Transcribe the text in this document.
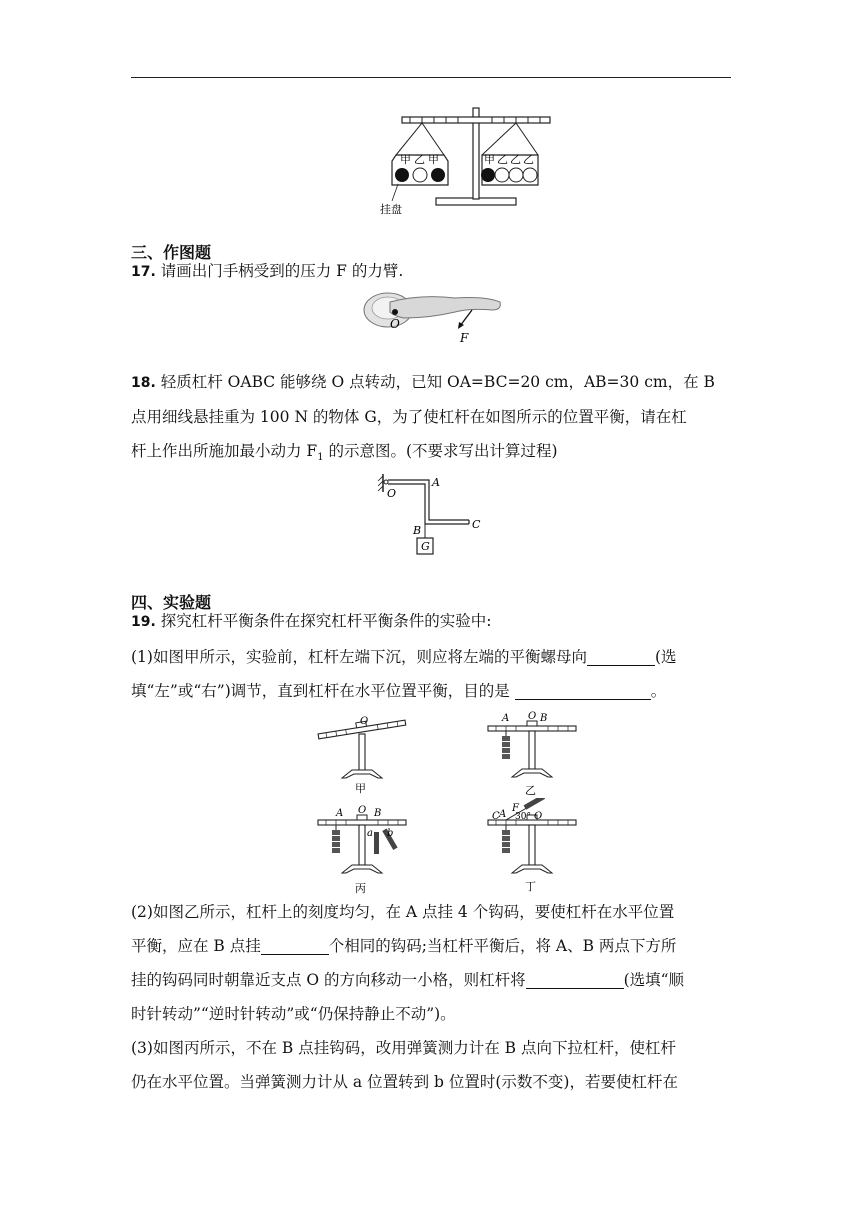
甲 乙 甲	甲 乙 乙 乙
挂盘
三、作图题
17. 请画出门手柄受到的压力 F 的力臂.
O
F
18. 轻质杠杆 OABC 能够绕 O 点转动，已知 OA=BC=20 cm，AB=30 cm，在 B
点用细线悬挂重为 100 N 的物体 G，为了使杠杆在如图所示的位置平衡，请在杠
杆上作出所施加最小动力 $F_1$ 的示意图。(不要求写出计算过程)
O
A
B	C
G
四、实验题
19. 探究杠杆平衡条件在探究杠杆平衡条件的实验中:
(1)如图甲所示，实验前，杠杆左端下沉，则应将左端的平衡螺母向	(选
填“左”或“右”)调节，直到杠杆在水平位置平衡，目的是	。
O
甲
A O B
乙
A O B
a b
丙
C A
F
30° O
丁
(2)如图乙所示，杠杆上的刻度均匀，在 A 点挂 4 个钩码，要使杠杆在水平位置
平衡，应在 B 点挂	个相同的钩码;当杠杆平衡后，将 A、B 两点下方所
挂的钩码同时朝靠近支点 O 的方向移动一小格，则杠杆将	(选填“顺
时针转动”“逆时针转动”或“仍保持静止不动”)。
(3)如图丙所示，不在 B 点挂钩码，改用弹簧测力计在 B 点向下拉杠杆，使杠杆
仍在水平位置。当弹簧测力计从 a 位置转到 b 位置时(示数不变)，若要使杠杆在
